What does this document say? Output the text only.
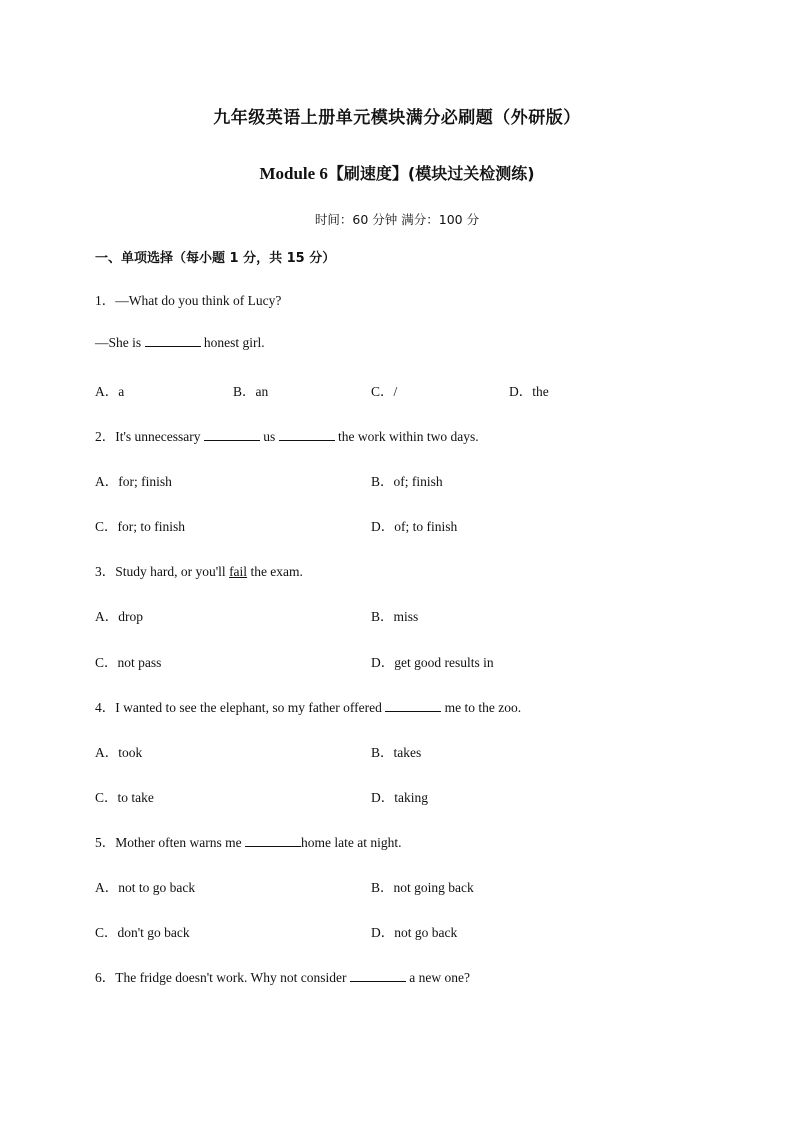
九年级英语上册单元模块满分必刷题（外研版）
Module 6【刷速度】(模块过关检测练)
时间：60 分钟 满分：100 分
一、单项选择（每小题 1 分，共 15 分）
1．—What do you think of Lucy?
—She is	honest girl.
A．a	B．an	C．/	D．the
2．It's unnecessary	us	the work within two days.
A．for; finish	B．of; finish
C．for; to finish	D．of; to finish
3．Study hard, or you'll fail the exam.
A．drop	B．miss
C．not pass	D．get good results in
4．I wanted to see the elephant, so my father offered	me to the zoo.
A．took	B．takes
C．to take	D．taking
5．Mother often warns me	home late at night.
A．not to go back	B．not going back
C．don't go back	D．not go back
6．The fridge doesn't work. Why not consider	a new one?
